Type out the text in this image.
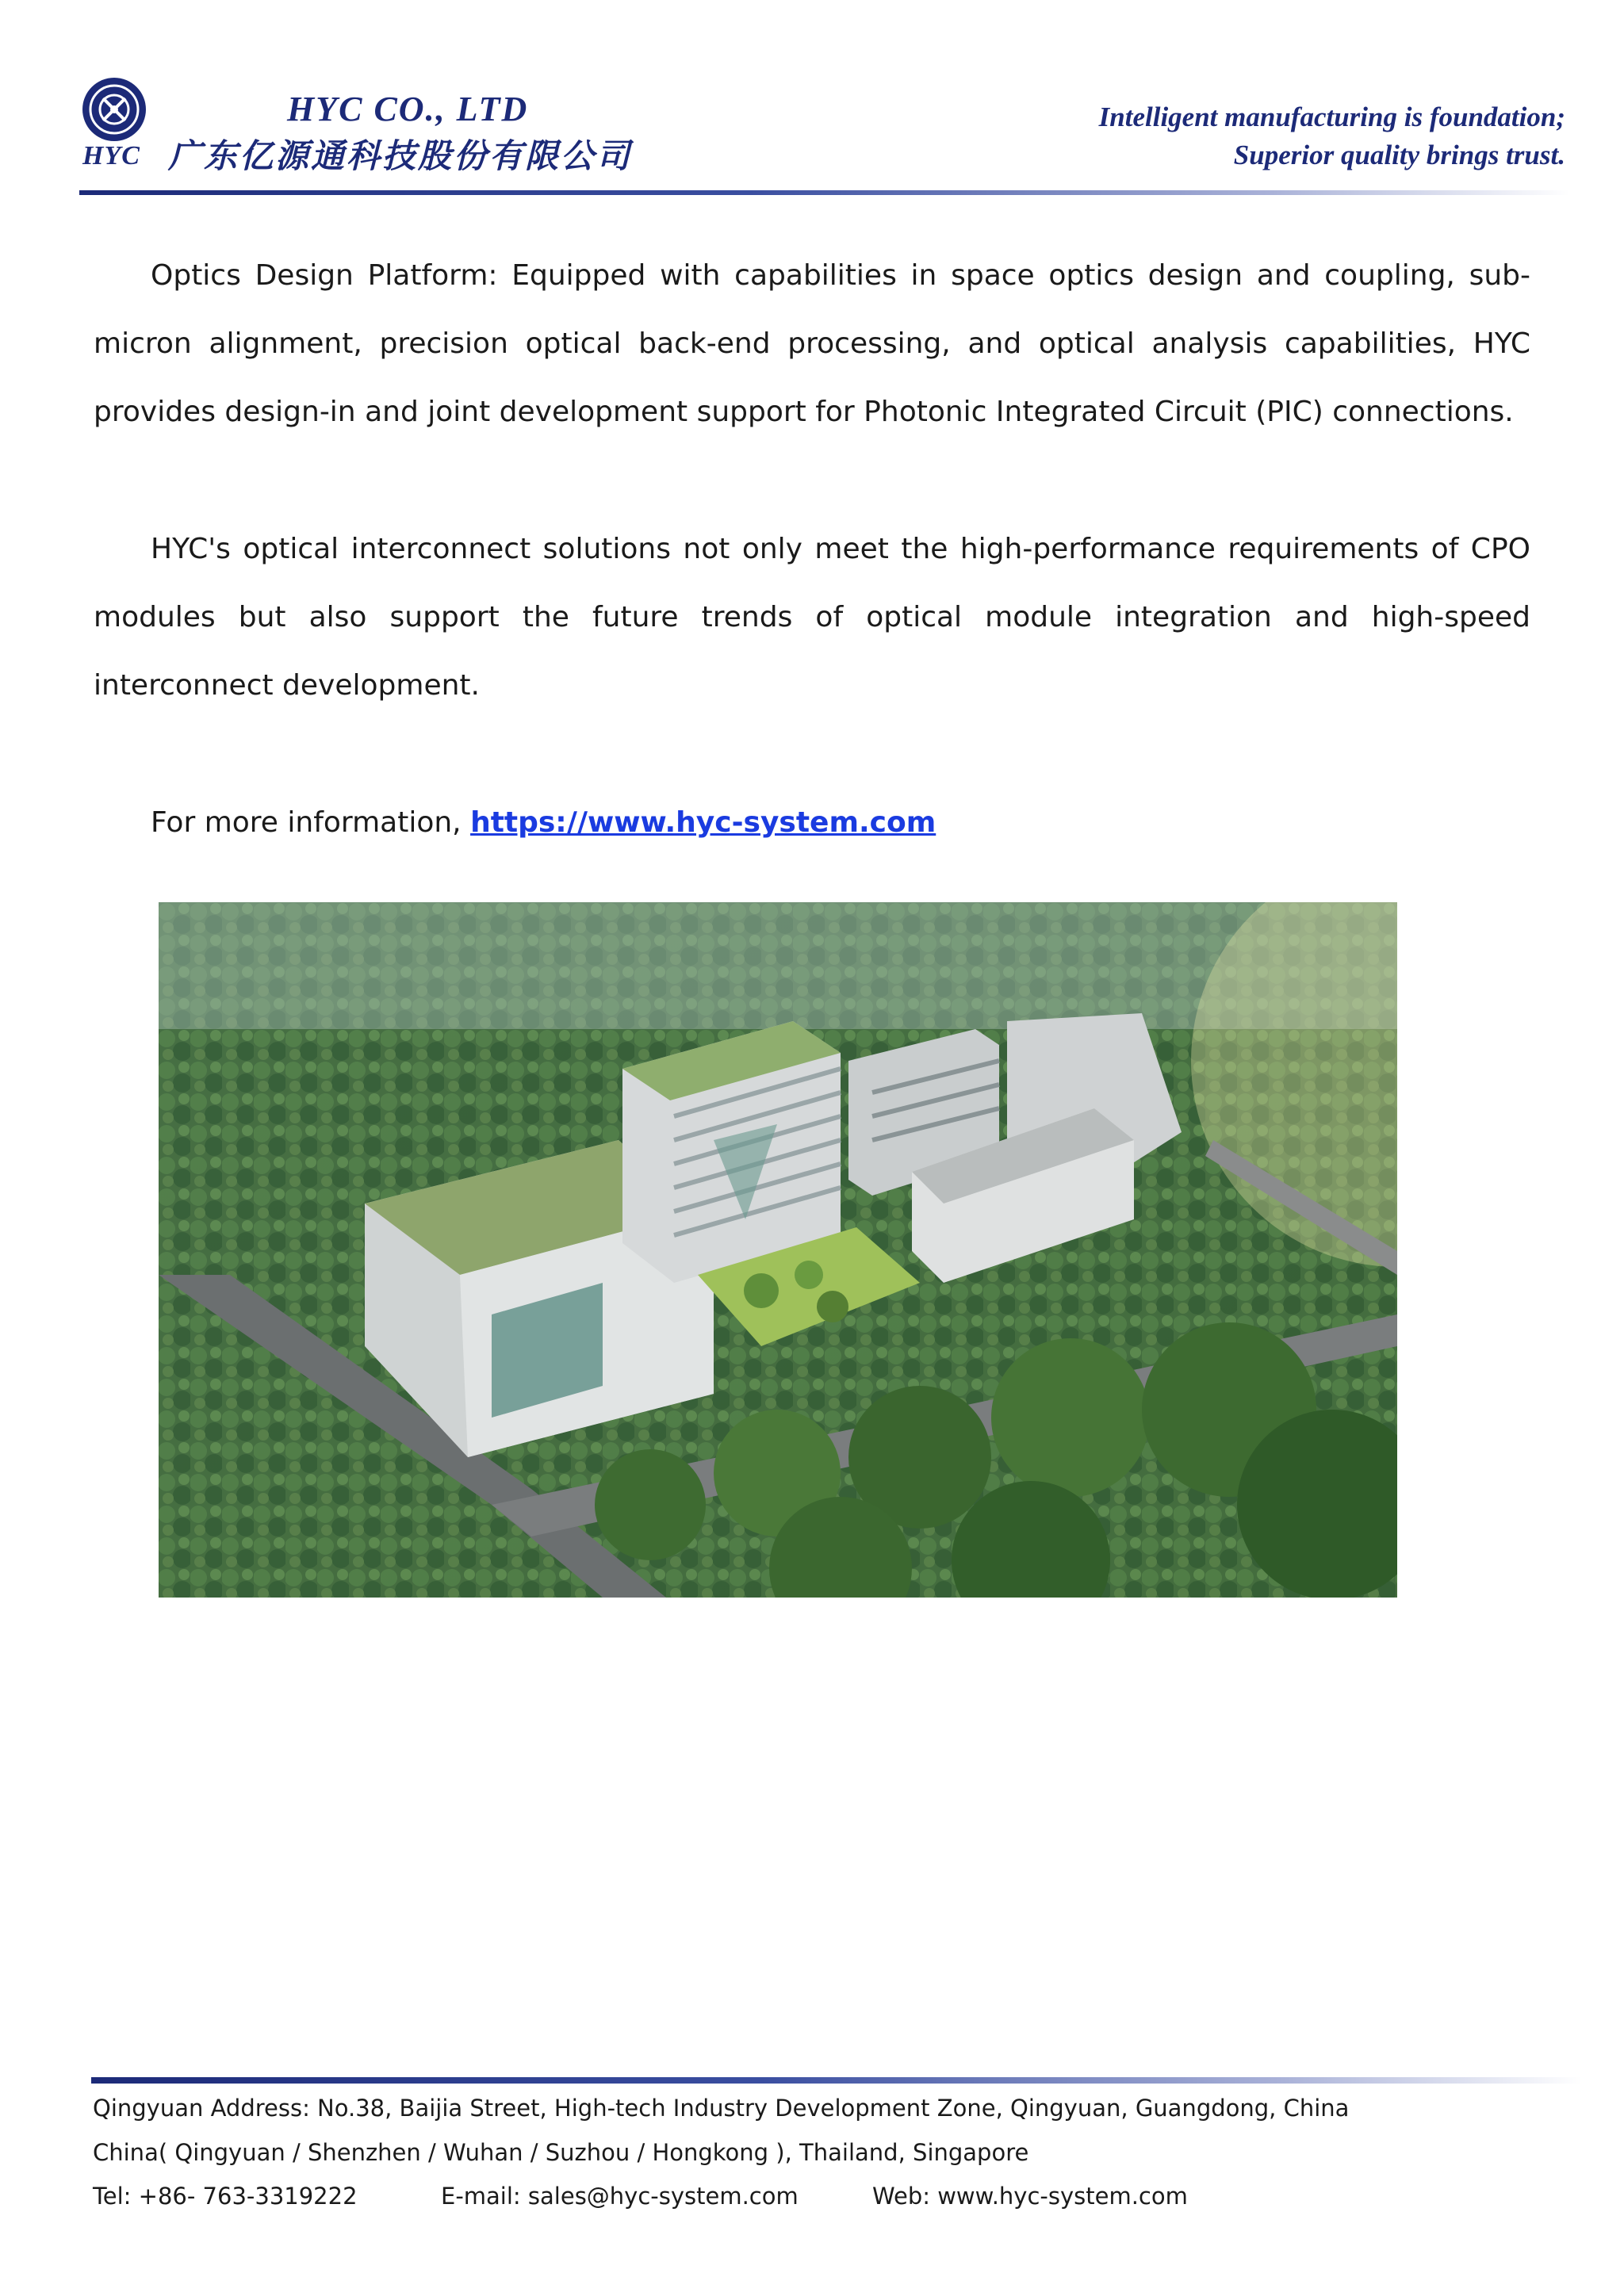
HYC
HYC CO., LTD
广东亿源通科技股份有限公司
Intelligent manufacturing is foundation;
Superior quality brings trust.
Optics Design Platform: Equipped with capabilities in space optics design and coupling, sub-micron alignment, precision optical back-end processing, and optical analysis capabilities, HYC provides design-in and joint development support for Photonic Integrated Circuit (PIC) connections.
HYC's optical interconnect solutions not only meet the high-performance requirements of CPO modules but also support the future trends of optical module integration and high-speed interconnect development.
For more information, https://www.hyc-system.com
Qingyuan Address: No.38, Baijia Street, High-tech Industry Development Zone, Qingyuan, Guangdong, China
China( Qingyuan / Shenzhen / Wuhan / Suzhou / Hongkong ), Thailand, Singapore
Tel: +86- 763-3319222	E-mail: sales@hyc-system.com	Web: www.hyc-system.com
